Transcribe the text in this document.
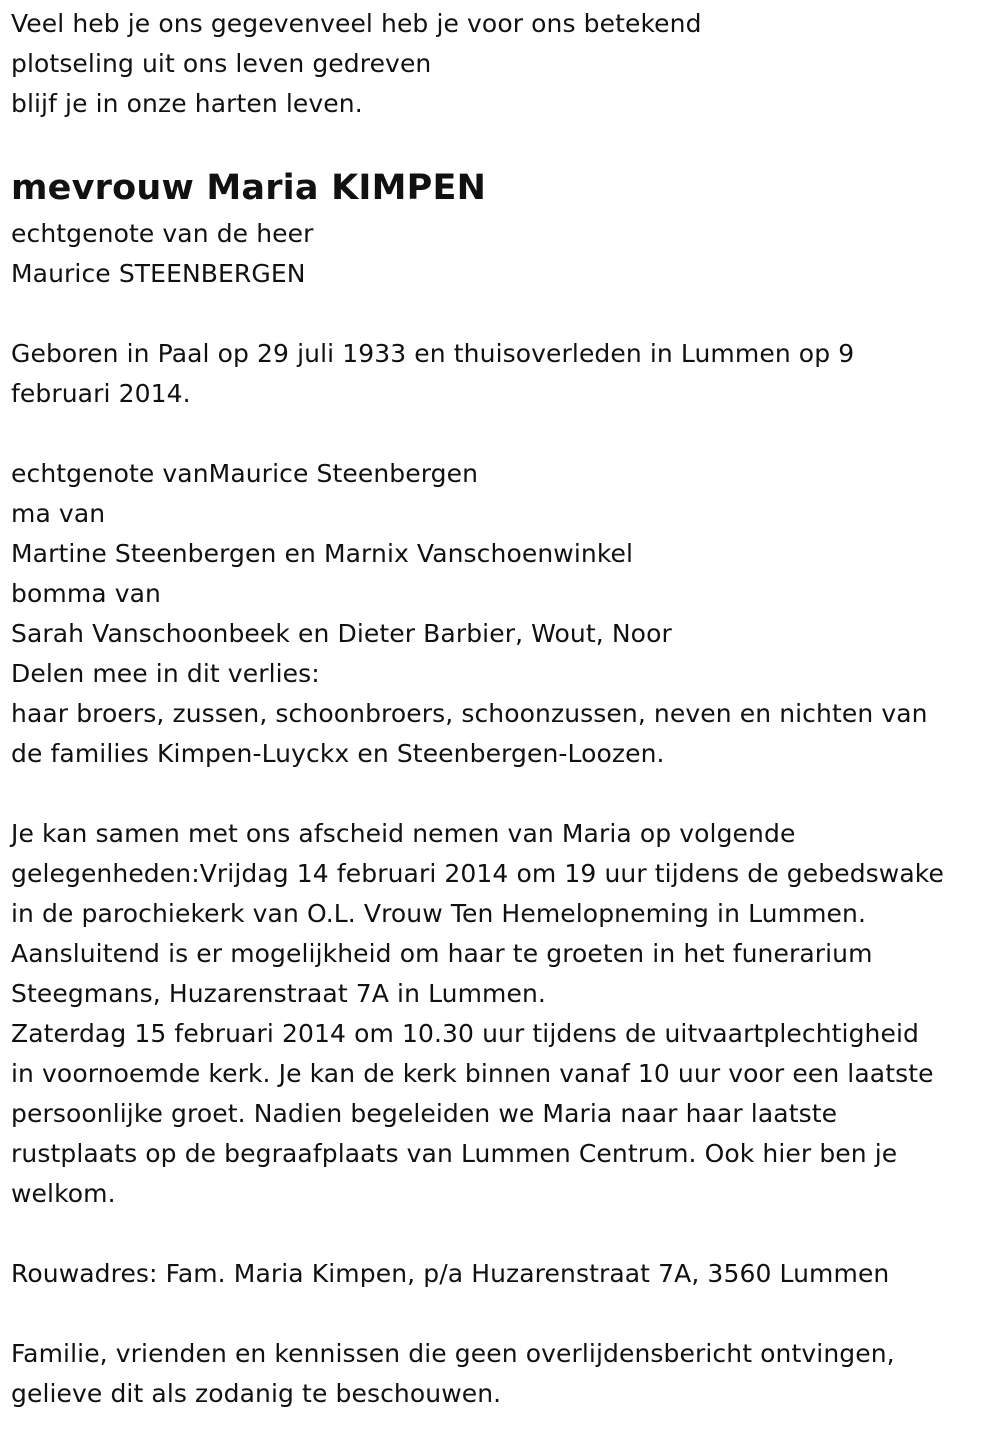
Veel heb je ons gegevenveel heb je voor ons betekend
plotseling uit ons leven gedreven
blijf je in onze harten leven.
mevrouw Maria KIMPEN
echtgenote van de heer
Maurice STEENBERGEN
Geboren in Paal op 29 juli 1933 en thuisoverleden in Lummen op 9
februari 2014.
echtgenote vanMaurice Steenbergen
ma van
Martine Steenbergen en Marnix Vanschoenwinkel
bomma van
Sarah Vanschoonbeek en Dieter Barbier, Wout, Noor
Delen mee in dit verlies:
haar broers, zussen, schoonbroers, schoonzussen, neven en nichten van
de families Kimpen-Luyckx en Steenbergen-Loozen.
Je kan samen met ons afscheid nemen van Maria op volgende
gelegenheden:Vrijdag 14 februari 2014 om 19 uur tijdens de gebedswake
in de parochiekerk van O.L. Vrouw Ten Hemelopneming in Lummen.
Aansluitend is er mogelijkheid om haar te groeten in het funerarium
Steegmans, Huzarenstraat 7A in Lummen.
Zaterdag 15 februari 2014 om 10.30 uur tijdens de uitvaartplechtigheid
in voornoemde kerk. Je kan de kerk binnen vanaf 10 uur voor een laatste
persoonlijke groet. Nadien begeleiden we Maria naar haar laatste
rustplaats op de begraafplaats van Lummen Centrum. Ook hier ben je
welkom.
Rouwadres: Fam. Maria Kimpen, p/a Huzarenstraat 7A, 3560 Lummen
Familie, vrienden en kennissen die geen overlijdensbericht ontvingen,
gelieve dit als zodanig te beschouwen.
